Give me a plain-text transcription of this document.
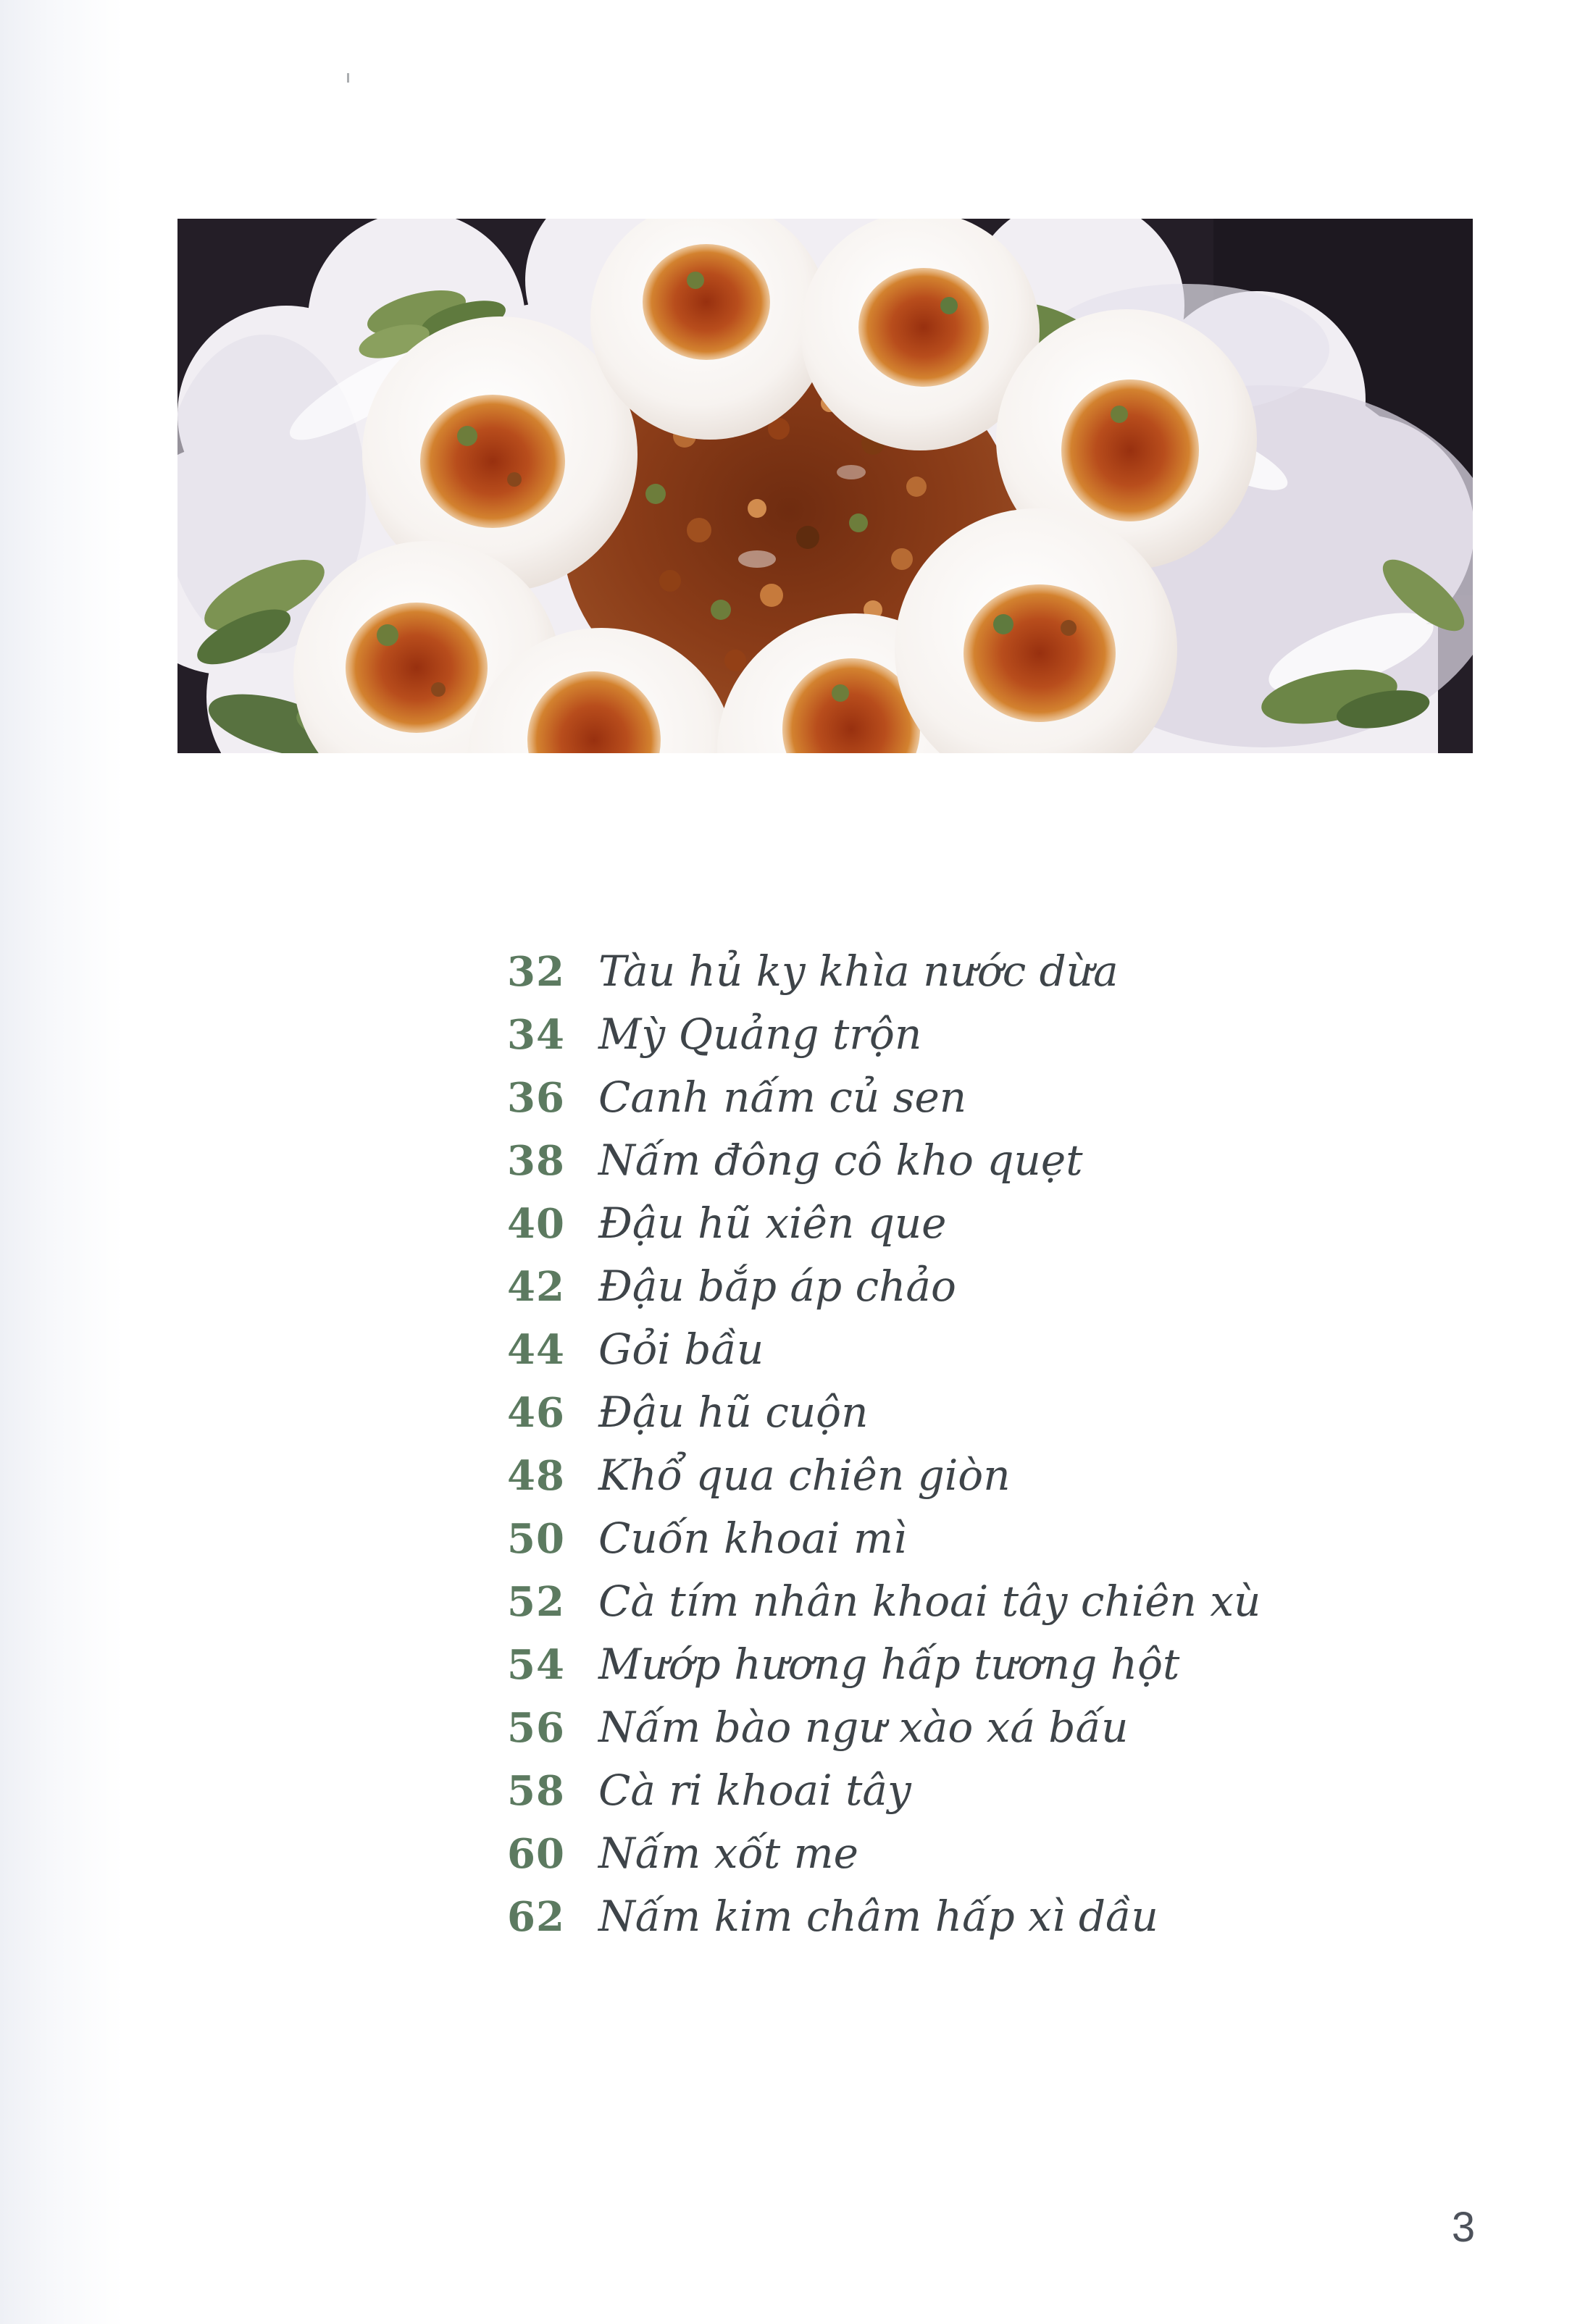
32 Tàu hủ ky khìa nước dừa
34 Mỳ Quảng trộn
36 Canh nấm củ sen
38 Nấm đông cô kho quẹt
40 Đậu hũ xiên que
42 Đậu bắp áp chảo
44 Gỏi bầu
46 Đậu hũ cuộn
48 Khổ qua chiên giòn
50 Cuốn khoai mì
52 Cà tím nhân khoai tây chiên xù
54 Mướp hương hấp tương hột
56 Nấm bào ngư xào xá bấu
58 Cà ri khoai tây
60 Nấm xốt me
62 Nấm kim châm hấp xì dầu
3
